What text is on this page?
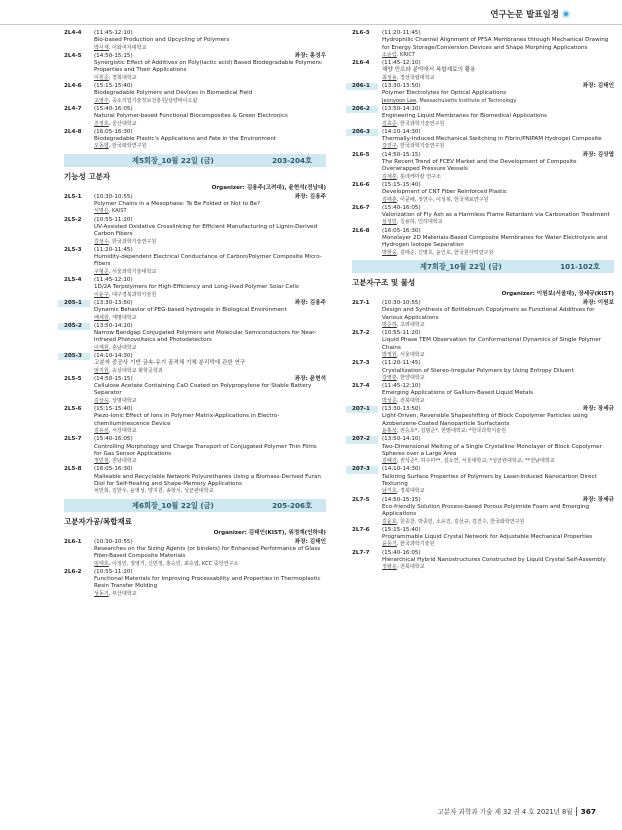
연구논문 발표일정
2L4-4	(11:45-12:10)
Bio-based Production and Upcycling of Polymers
박시재, 이화여자대학교
2L4-5	(14:50-15:15)	좌장: 홍성우
Synergistic Effect of Additives on Poly(lactic acid) Based Biodegradable Polymers: Properties and Their Applications
이원준, 경희대학교
2L4-6	(15:15-15:40)
Biodegradable Polymers and Devices in Biomedical Field
고영주, 중소기업기술정보진흥원/삼양바이오팜
2L4-7	(15:40-16:05)
Natural Polymer-based Functional Biocomposites & Green Electronics
진정호, 울산대학교
2L4-8	(16:05-16:30)
Biodegradable Plastic's Applications and Fate in the Environment
오동엽, 한국화학연구원
제5회장_10월 22일 (금)	203-204호
기능성 고분자
Organizer: 김용주(고려대), 윤현석(전남대)
2L5-1	(10:30-10:55)	좌장: 김용주
Polymer Chains in a Mesophase: To Be Folded or Not to Be?
서명은, KAIST
2L5-2	(10:55-11:20)
UV-Assisted Oxidative Crosslinking for Efficient Manufacturing of Lignin-Derived Carbon Fibers
김성수, 한국과학기술연구원
2L5-3	(11:20-11:45)
Humidity-dependent Electrical Conductance of Carbon/Polymer Composite Micro-Fibers
구형준, 서울과학기술대학교
2L5-4	(11:45-12:10)
1D/2A Terpolymers for High-Efficiency and Long-lived Polymer Solar Cells
이윤구, 대구경북과학기술원
205-1	(13:30-13:50)	좌장: 김용주
Dynamic Behavior of PEG-based hydrogels in Biological Environment
배세원, 계명대학교
205-2	(13:50-14:10)
Narrow Bandgap Conjugated Polymers and Molecular Semiconductors for Near-Infrared Photovoltaics and Photodetectors
이재원, 충남대학교
205-3	(14:10-14:30)
고분자 중공사 기반 금속-유기 골격체 기체 분리막에 관한 연구
엄기원, 숭실대학교 화학공학과
2L5-5	(14:50-15:15)	좌장: 윤현석
Cellulose Acetate Containing CaO Coated on Polypropylene for Stable Battery Separator
김상욱, 상명대학교
2L5-6	(15:15-15:40)
Piezo-Ionic Effect of Ions in Polymer Matrix-Applications in Electro-chemiluminescence Device
김유선, 서강대학교
2L5-7	(15:40-16:05)
Controlling Morphology and Charge Transport of Conjugated Polymer Thin Films for Gas Sensor Applications
정민철, 전남대학교
2L5-8	(16:05-16:30)
Malleable and Recyclable Network Polyurethanes Using a Biomass-Derived Furan Diol for Self-Healing and Shape-Memory Applications
차민희, 김한우, 윤영성, 양지원, 송창식, 성균관대학교
제6회장_10월 22일 (금)	205-206호
고분자가공/복합재료
Organizer: 김태인(KIST), 위정재(인하대)
2L6-1	(10:30-10:55)	좌장: 김태인
Researches on the Sizing Agents (or binders) for Enhanced Performance of Glass Fiber-Based Composite Materials
임태호, 이정민, 정영기, 신민정, 홍승민, 최승엽, KCC 중앙연구소
2L6-2	(10:55-11:20)
Functional Materials for Improving Processability and Properties in Thermoplastic Resin Transfer Molding
성동기, 부산대학교
2L6-3	(11:20-11:45)
Hydrophilic Channel Alignment of PFSA Membranes through Mechanical Drawing for Energy Storage/Conversion Devices and Shape Morphing Applications
소순림, KRICT
2L6-4	(11:45-12:10)
해양 민프라 분야에서 복합재료의 활용
최성용, 경상국립대학교
206-1	(13:30-13:50)	좌장: 김태인
Polymer Electrolytes for Optical Applications
Jeonyoon Lee, Massachusetts Institute of Technology
206-2	(13:50-14:10)
Engineering Liquid Membranes for Biomedical Applications
김효준, 한국과학기술연구원
206-3	(14:10-14:30)
Thermally-Induced Mechanical Switching in Fibrin/PNIPAM Hydrogel Composite
강진구, 한국과학기술연구원
2L6-5	(14:50-15:15)	좌장: 김상엽
The Recent Trend of FCEV Market and the Development of Composite Overwrapped Pressure Vessels
김세훈, 롯데케미칼 연구소
2L6-6	(15:15-15:40)
Development of CNT Fiber Reinforced Plastic
김태훈, 이쿤배, 정연수, 이성복, 한국재료연구원
2L6-7	(15:40-16:05)
Valorization of Fly Ash as a Harmless Flame Retardant via Carbonation Treatment
심성민, 김용하, 인하대학교
2L6-8	(16:05-16:30)
Monolayer 2D Materials-Based Composite Membranes for Water Electrolysis and Hydrogen Isotope Separation
박현웅, 김태준, 신명호, 윤인호, 한국원자력연구원
제7회장_10월 22일 (금)	101-102호
고분자구조 및 물성
Organizer: 이원보(서울대), 장세규(KIST)
2L7-1	(10:30-10:55)	좌장: 이원보
Design and Synthesis of Bottlebrush Copolymers as Functional Additives for Various Applications
방준하, 고려대학교
2L7-2	(10:55-11:20)
Liquid Phase TEM Observation for Conformational Dynamics of Single Polymer Chains
박정원, 서울대학교
2L7-3	(11:20-11:45)
Crystallization of Stereo-Irregular Polymers by Using Entropy Diluent
강영훈, 한양대학교
2L7-4	(11:45-12:10)
Emerging Applications of Gallium-Based Liquid Metals
박성준, 전북대학교
207-1	(13:30-13:50)	좌장: 장세규
Light-Driven, Reversible Shapeshifting of Block Copolymer Particles using Azobenzene-Coated Nanoparticle Surfactants
윤홍석, 권승호*, 김범준*, 한밭대학교; *한국과학기술원
207-2	(13:50-14:10)
Two-Dimensional Melting of a Single Crystalline Monolayer of Block Copolymer Spheres over a Large Area
김혜진, 권석준*, 허수미**, 김소연, 서울대학교; *성균관대학교; **전남대학교
207-3	(14:10-14:30)
Tailoring Surface Properties of Polymers by Laser-Induced Nanocarbon Direct Texturing
남기호, 경북대학교
2L7-5	(14:50-15:15)	좌장: 장세규
Eco-friendly Solution Process-based Porous Polyimide Foam and Emerging Applications
김윤호, 원종찬, 박종민, 소유진, 김선규, 김진수, 한국화학연구원
2L7-6	(15:15-15:40)
Programmable Liquid Crystal Network for Adjustable Mechanical Properties
윤동기, 한국과학기술원
2L7-7	(15:40-16:05)
Hierarchical Hybrid Nanostructures Constructed by Liquid Crystal Self-Assembly
정광운, 전북대학교
고분자 과학과 기술 제 32 권 4 호 2021년 8월 367
